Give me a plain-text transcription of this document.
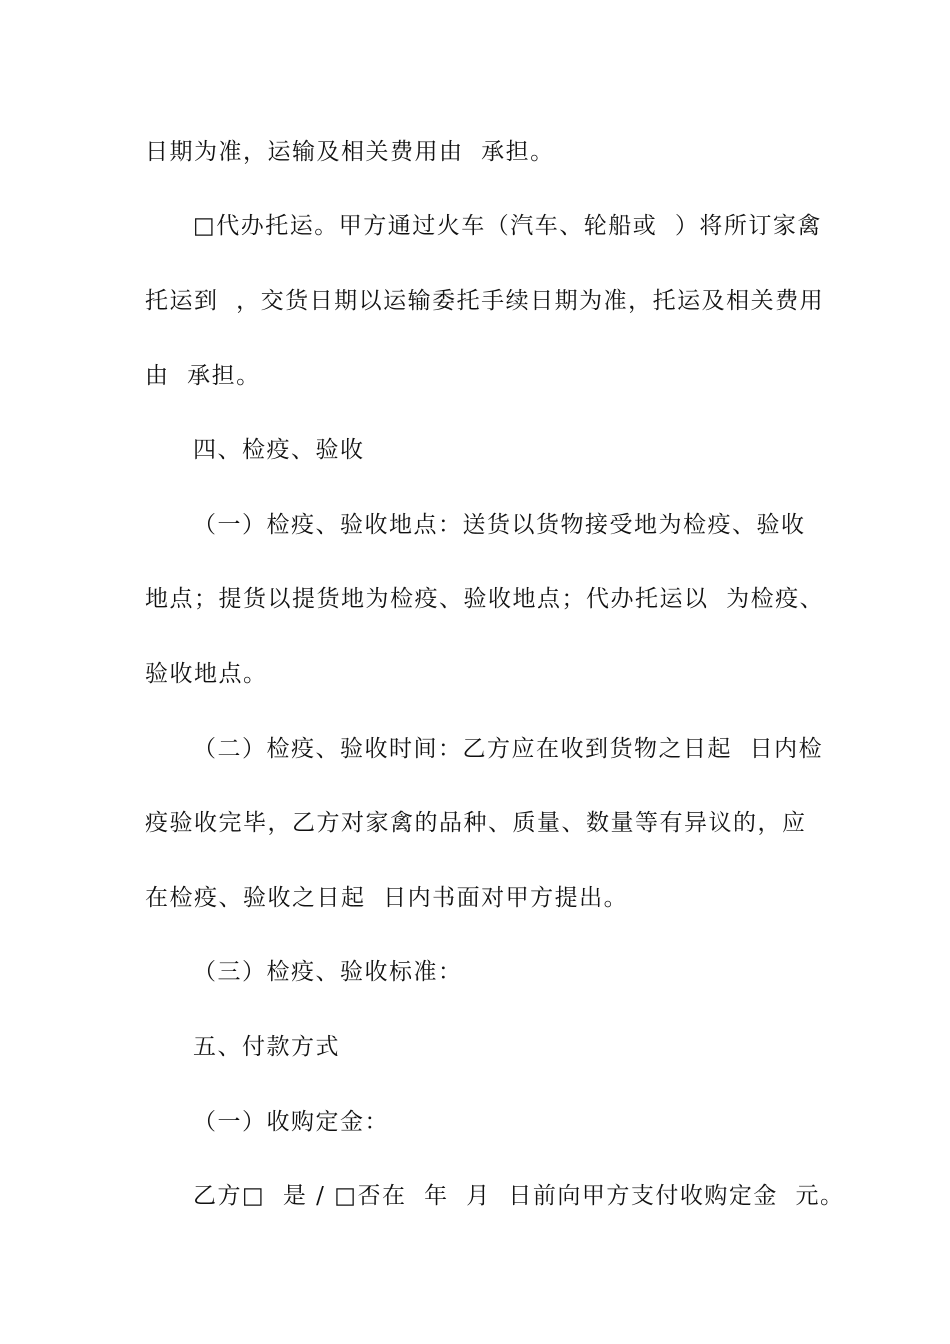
日期为准，运输及相关费用由  承担。
□代办托运。甲方通过火车（汽车、轮船或  ）将所订家禽
托运到  ，交货日期以运输委托手续日期为准，托运及相关费用
由  承担。
四、检疫、验收
（一）检疫、验收地点：送货以货物接受地为检疫、验收
地点；提货以提货地为检疫、验收地点；代办托运以  为检疫、
验收地点。
（二）检疫、验收时间：乙方应在收到货物之日起  日内检
疫验收完毕，乙方对家禽的品种、质量、数量等有异议的，应
在检疫、验收之日起  日内书面对甲方提出。
（三）检疫、验收标准：
五、付款方式
（一）收购定金：
乙方□  是 / □否在  年  月  日前向甲方支付收购定金  元。
